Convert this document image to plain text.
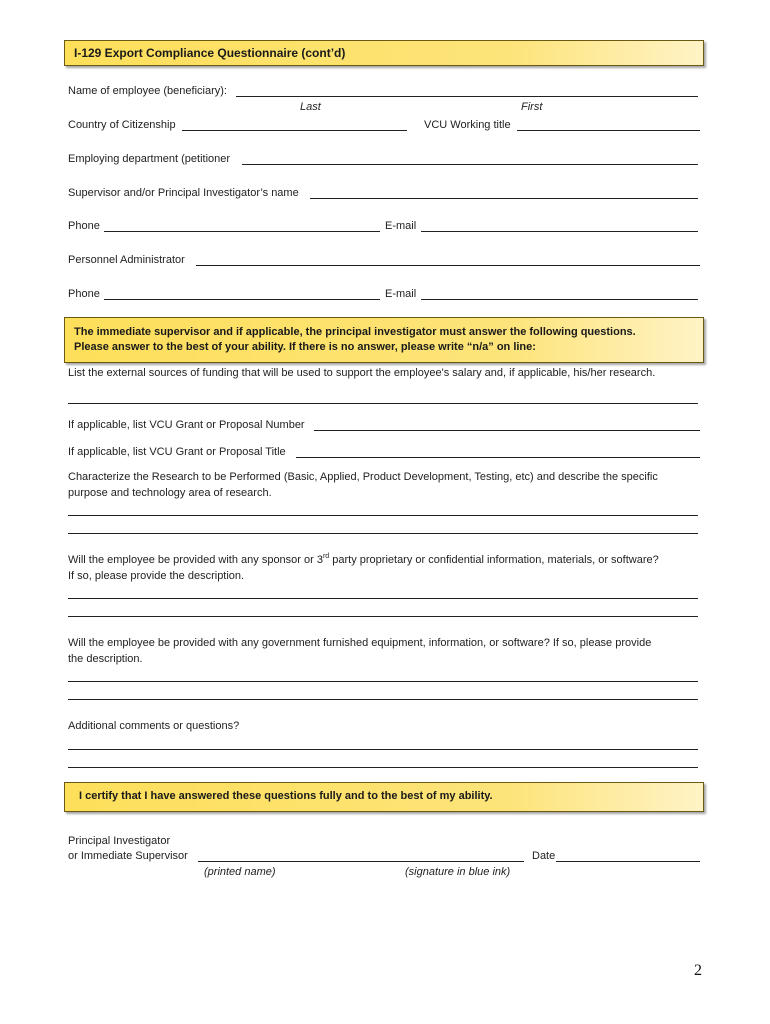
I-129 Export Compliance Questionnaire (cont’d)
Name of employee (beneficiary):
Last	First
Country of Citizenship	VCU Working title
Employing department (petitioner
Supervisor and/or Principal Investigator’s name
Phone	E-mail
Personnel Administrator
Phone	E-mail
The immediate supervisor and if applicable, the principal investigator must answer the following questions.
Please answer to the best of your ability. If there is no answer, please write “n/a” on line:
List the external sources of funding that will be used to support the employee's salary and, if applicable, his/her research.
If applicable, list VCU Grant or Proposal Number
If applicable, list VCU Grant or Proposal Title
Characterize the Research to be Performed (Basic, Applied, Product Development, Testing, etc) and describe the specific
purpose and technology area of research.
Will the employee be provided with any sponsor or 3rd party proprietary or confidential information, materials, or software?
If so, please provide the description.
Will the employee be provided with any government furnished equipment, information, or software? If so, please provide
the description.
Additional comments or questions?
I certify that I have answered these questions fully and to the best of my ability.
Principal Investigator
or Immediate Supervisor	Date
(printed name)	(signature in blue ink)
2
